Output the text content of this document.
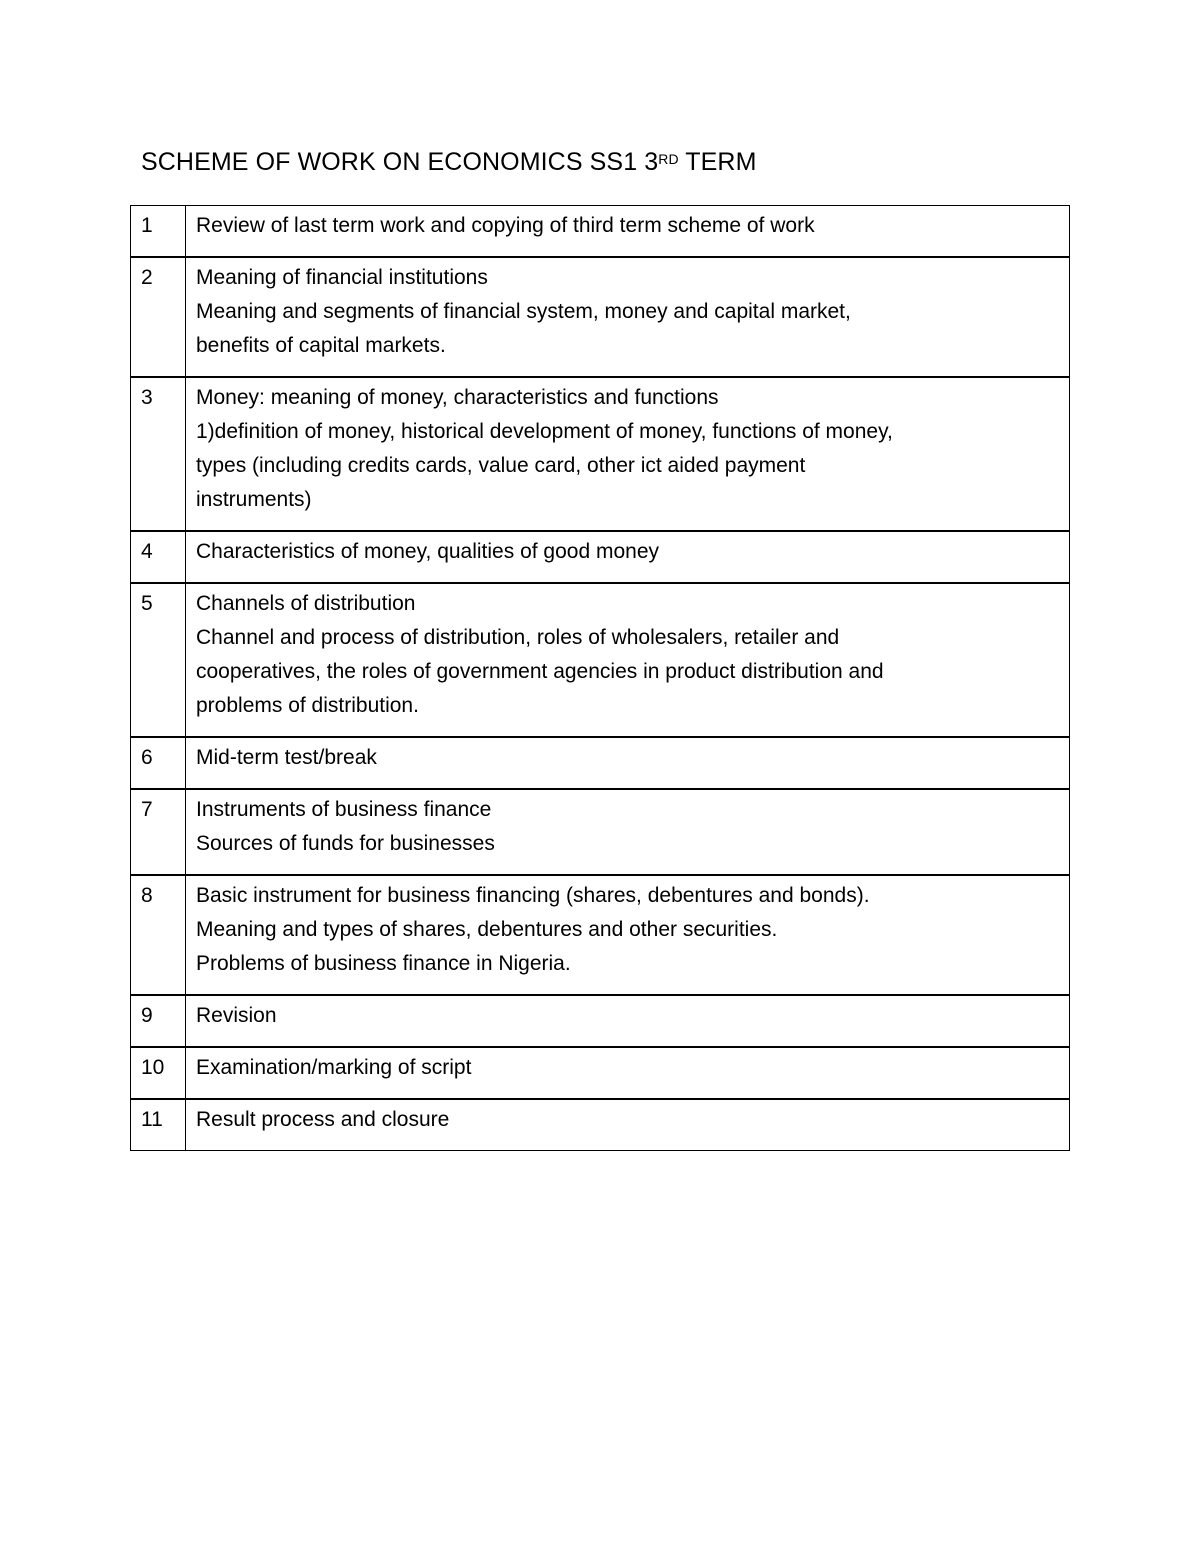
SCHEME OF WORK ON ECONOMICS SS1 3RD TERM
1	Review of last term work and copying of third term scheme of work

2	Meaning of financial institutions
Meaning and segments of financial system, money and capital market,
benefits of capital markets.

3	Money: meaning of money, characteristics and functions
1)definition of money, historical development of money, functions of money,
types (including credits cards, value card, other ict aided payment
instruments)

4	Characteristics of money, qualities of good money

5	Channels of distribution
Channel and process of distribution, roles of wholesalers, retailer and
cooperatives, the roles of government agencies in product distribution and
problems of distribution.

6	Mid-term test/break

7	Instruments of business finance
Sources of funds for businesses

8	Basic instrument for business financing (shares, debentures and bonds).
Meaning and types of shares, debentures and other securities.
Problems of business finance in Nigeria.

9	Revision

10	Examination/marking of script

11	Result process and closure
